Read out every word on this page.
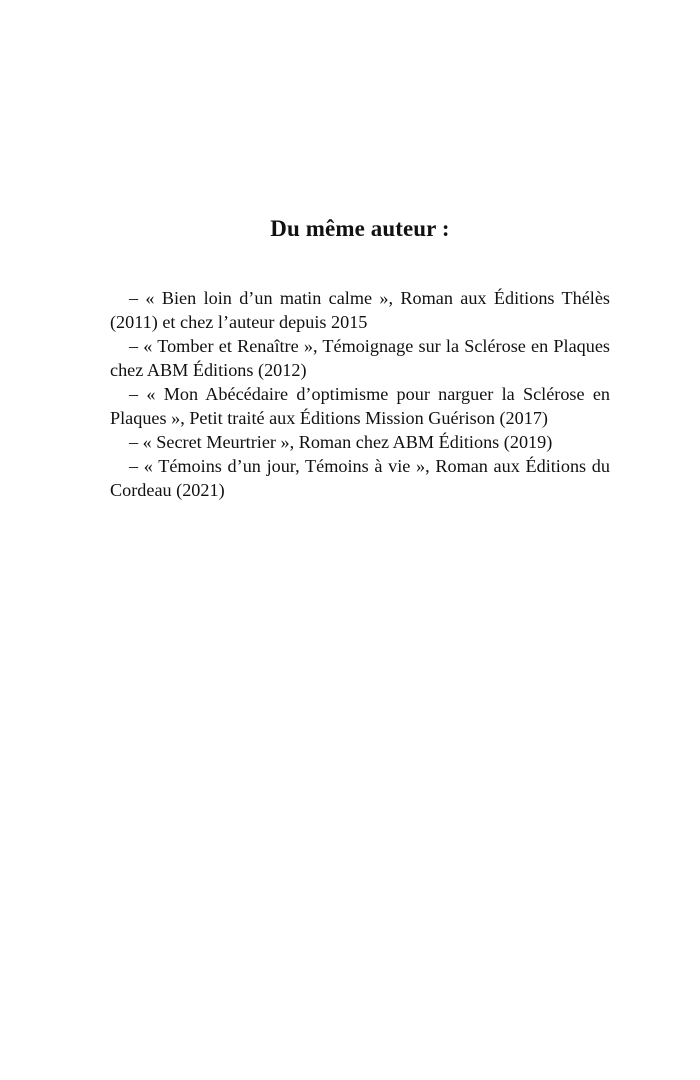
Du même auteur :

– « Bien loin d’un matin calme », Roman aux Éditions Thélès (2011) et chez l’auteur depuis 2015

– « Tomber et Renaître », Témoignage sur la Sclérose en Plaques chez ABM Éditions (2012)

– « Mon Abécédaire d’optimisme pour narguer la Sclérose en Plaques », Petit traité aux Éditions Mission Guérison (2017)

– « Secret Meurtrier », Roman chez ABM Éditions (2019)

– « Témoins d’un jour, Témoins à vie », Roman aux Éditions du Cordeau (2021)
